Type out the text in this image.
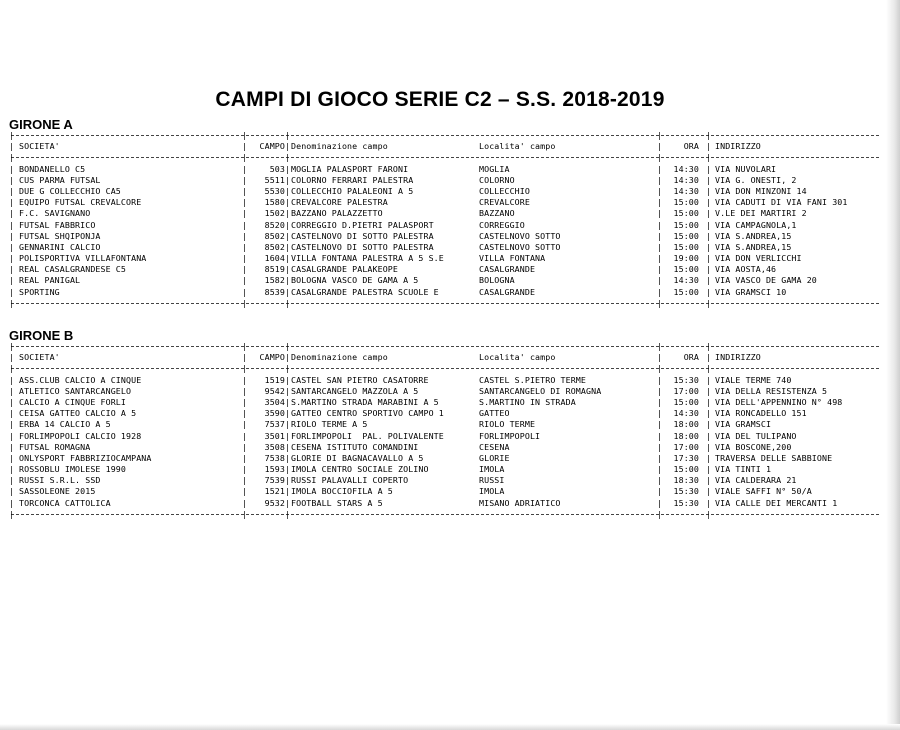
CAMPI DI GIOCO SERIE C2 – S.S. 2018-2019
GIRONE A
|	|	|	|	|
|	|	|	|	|
SOCIETA'	CAMPO Denominazione campo	Localita' campo	ORA INDIRIZZO
|	|	|	|	|
|	|	|	|	|
BONDANELLO C5	503 MOGLIA PALASPORT FARONI	MOGLIA	14:30 VIA NUVOLARI
|	|	|	|	|
CUS PARMA FUTSAL	5511 COLORNO FERRARI PALESTRA	COLORNO	14:30 VIA G. ONESTI, 2
|	|	|	|	|
DUE G COLLECCHIO CA5	5530 COLLECCHIO PALALEONI A 5	COLLECCHIO	14:30 VIA DON MINZONI 14
|	|	|	|	|
EQUIPO FUTSAL CREVALCORE	1580 CREVALCORE PALESTRA	CREVALCORE	15:00 VIA CADUTI DI VIA FANI 301
|	|	|	|	|
F.C. SAVIGNANO	1502 BAZZANO PALAZZETTO	BAZZANO	15:00 V.LE DEI MARTIRI 2
|	|	|	|	|
FUTSAL FABBRICO	8520 CORREGGIO D.PIETRI PALASPORT	CORREGGIO	15:00 VIA CAMPAGNOLA,1
|	|	|	|	|
FUTSAL SHQIPONJA	8502 CASTELNOVO DI SOTTO PALESTRA	CASTELNOVO SOTTO	15:00 VIA S.ANDREA,15
|	|	|	|	|
GENNARINI CALCIO	8502 CASTELNOVO DI SOTTO PALESTRA	CASTELNOVO SOTTO	15:00 VIA S.ANDREA,15
|	|	|	|	|
POLISPORTIVA VILLAFONTANA	1604 VILLA FONTANA PALESTRA A 5 S.E	VILLA FONTANA	19:00 VIA DON VERLICCHI
|	|	|	|	|
REAL CASALGRANDESE C5	8519 CASALGRANDE PALAKEOPE	CASALGRANDE	15:00 VIA AOSTA,46
|	|	|	|	|
REAL PANIGAL	1582 BOLOGNA VASCO DE GAMA A 5	BOLOGNA	14:30 VIA VASCO DE GAMA 20
|	|	|	|	|
SPORTING	8539 CASALGRANDE PALESTRA SCUOLE E	CASALGRANDE	15:00 VIA GRAMSCI 10
|	|	|	|	|
GIRONE B
|	|	|	|	|
|	|	|	|	|
SOCIETA'	CAMPO Denominazione campo	Localita' campo	ORA INDIRIZZO
|	|	|	|	|
|	|	|	|	|
ASS.CLUB CALCIO A CINQUE	1519 CASTEL SAN PIETRO CASATORRE	CASTEL S.PIETRO TERME	15:30 VIALE TERME 740
|	|	|	|	|
ATLETICO SANTARCANGELO	9542 SANTARCANGELO MAZZOLA A 5	SANTARCANGELO DI ROMAGNA	17:00 VIA DELLA RESISTENZA 5
|	|	|	|	|
CALCIO A CINQUE FORLI	3504 S.MARTINO STRADA MARABINI A 5	S.MARTINO IN STRADA	15:00 VIA DELL'APPENNINO N° 498
|	|	|	|	|
CEISA GATTEO CALCIO A 5	3590 GATTEO CENTRO SPORTIVO CAMPO 1	GATTEO	14:30 VIA RONCADELLO 151
|	|	|	|	|
ERBA 14 CALCIO A 5	7537 RIOLO TERME A 5	RIOLO TERME	18:00 VIA GRAMSCI
|	|	|	|	|
FORLIMPOPOLI CALCIO 1928	3501 FORLIMPOPOLI  PAL. POLIVALENTE	FORLIMPOPOLI	18:00 VIA DEL TULIPANO
|	|	|	|	|
FUTSAL ROMAGNA	3508 CESENA ISTITUTO COMANDINI	CESENA	17:00 VIA BOSCONE,200
|	|	|	|	|
ONLYSPORT FABBRIZIOCAMPANA	7538 GLORIE DI BAGNACAVALLO A 5	GLORIE	17:30 TRAVERSA DELLE SABBIONE
|	|	|	|	|
ROSSOBLU IMOLESE 1990	1593 IMOLA CENTRO SOCIALE ZOLINO	IMOLA	15:00 VIA TINTI 1
|	|	|	|	|
RUSSI S.R.L. SSD	7539 RUSSI PALAVALLI COPERTO	RUSSI	18:30 VIA CALDERARA 21
|	|	|	|	|
SASSOLEONE 2015	1521 IMOLA BOCCIOFILA A 5	IMOLA	15:30 VIALE SAFFI N° 50/A
|	|	|	|	|
TORCONCA CATTOLICA	9532 FOOTBALL STARS A 5	MISANO ADRIATICO	15:30 VIA CALLE DEI MERCANTI 1
|	|	|	|	|
